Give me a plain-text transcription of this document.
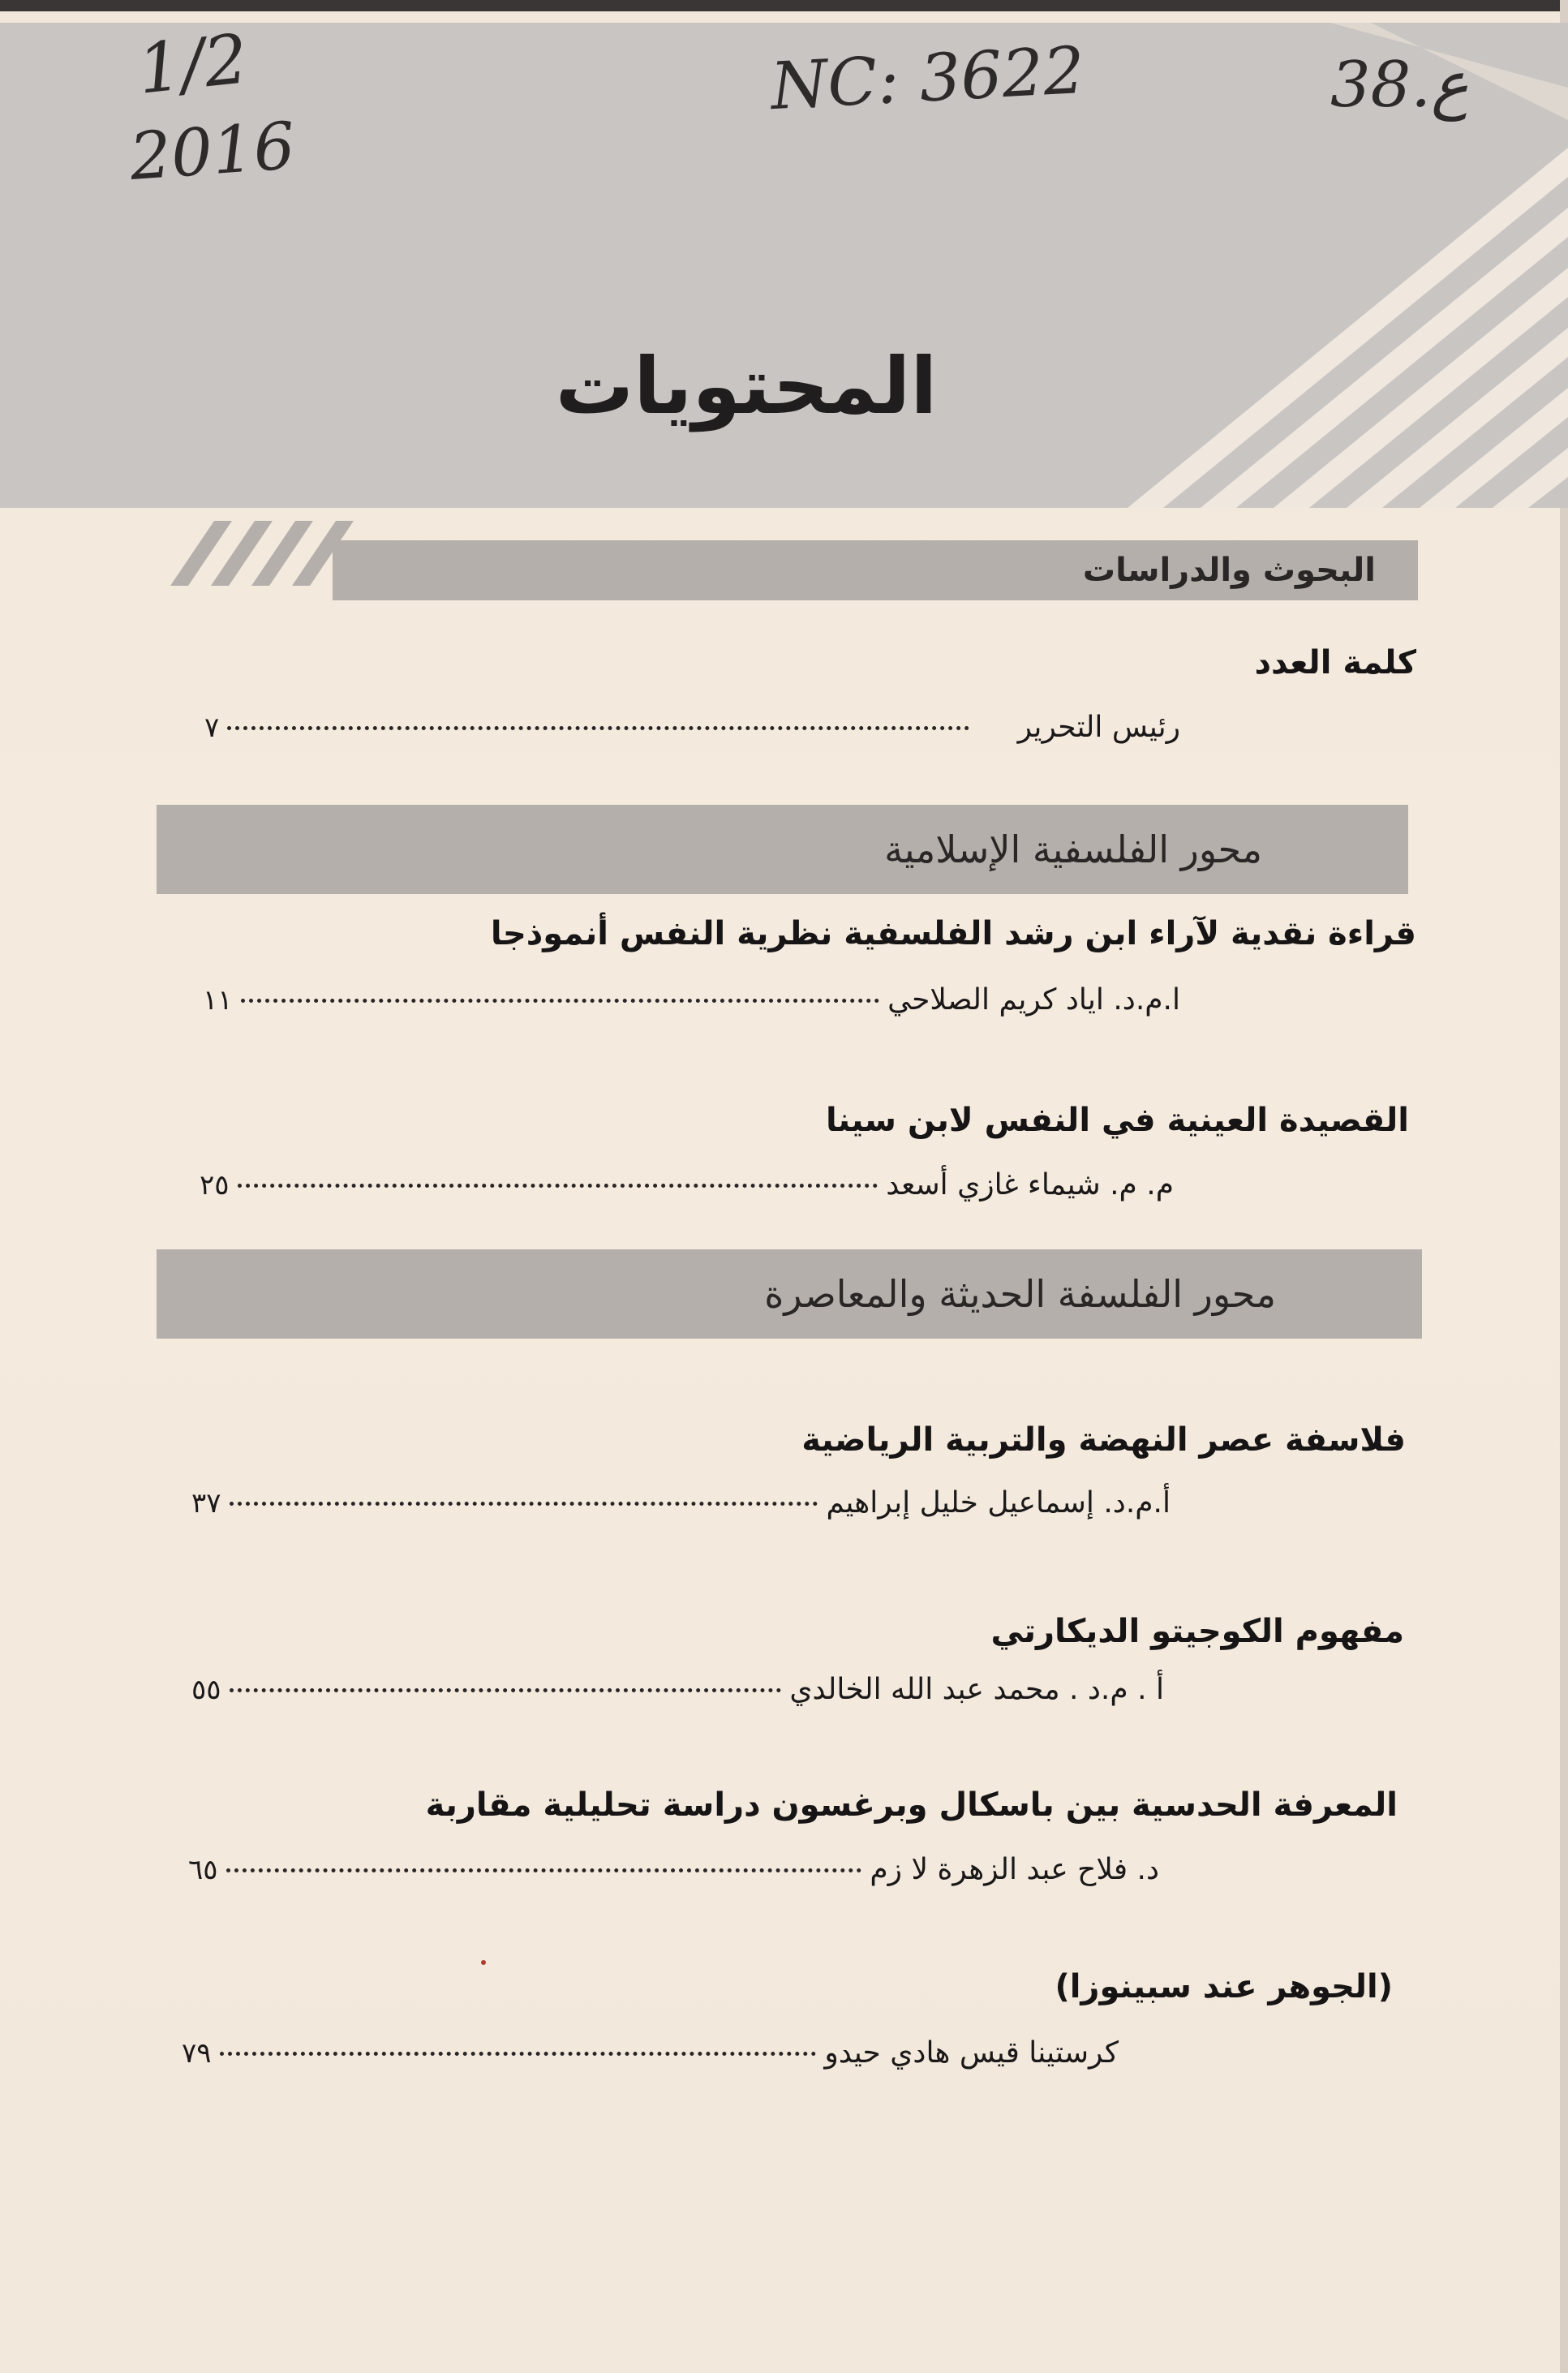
1/2
2016
NC: 3622	38.ع
المحتويات
البحوث والدراسات
محور الفلسفية الإسلامية
محور الفلسفة الحديثة والمعاصرة
كلمة العدد
رئيس التحرير
٧
قراءة نقدية لآراء ابن رشد الفلسفية نظرية النفس أنموذجا
ا.م.د. اياد كريم الصلاحي
١١
القصيدة العينية في النفس لابن سينا
م. م. شيماء غازي أسعد
٢٥
فلاسفة عصر النهضة والتربية الرياضية
أ.م.د. إسماعيل خليل إبراهيم
٣٧
مفهوم الكوجيتو الديكارتي
أ . م.د . محمد عبد الله الخالدي
٥٥
المعرفة الحدسية بين باسكال وبرغسون دراسة تحليلية مقاربة
د. فلاح عبد الزهرة لا زم
٦٥
(الجوهر عند سبينوزا)
كرستينا قيس هادي حيدو
٧٩
